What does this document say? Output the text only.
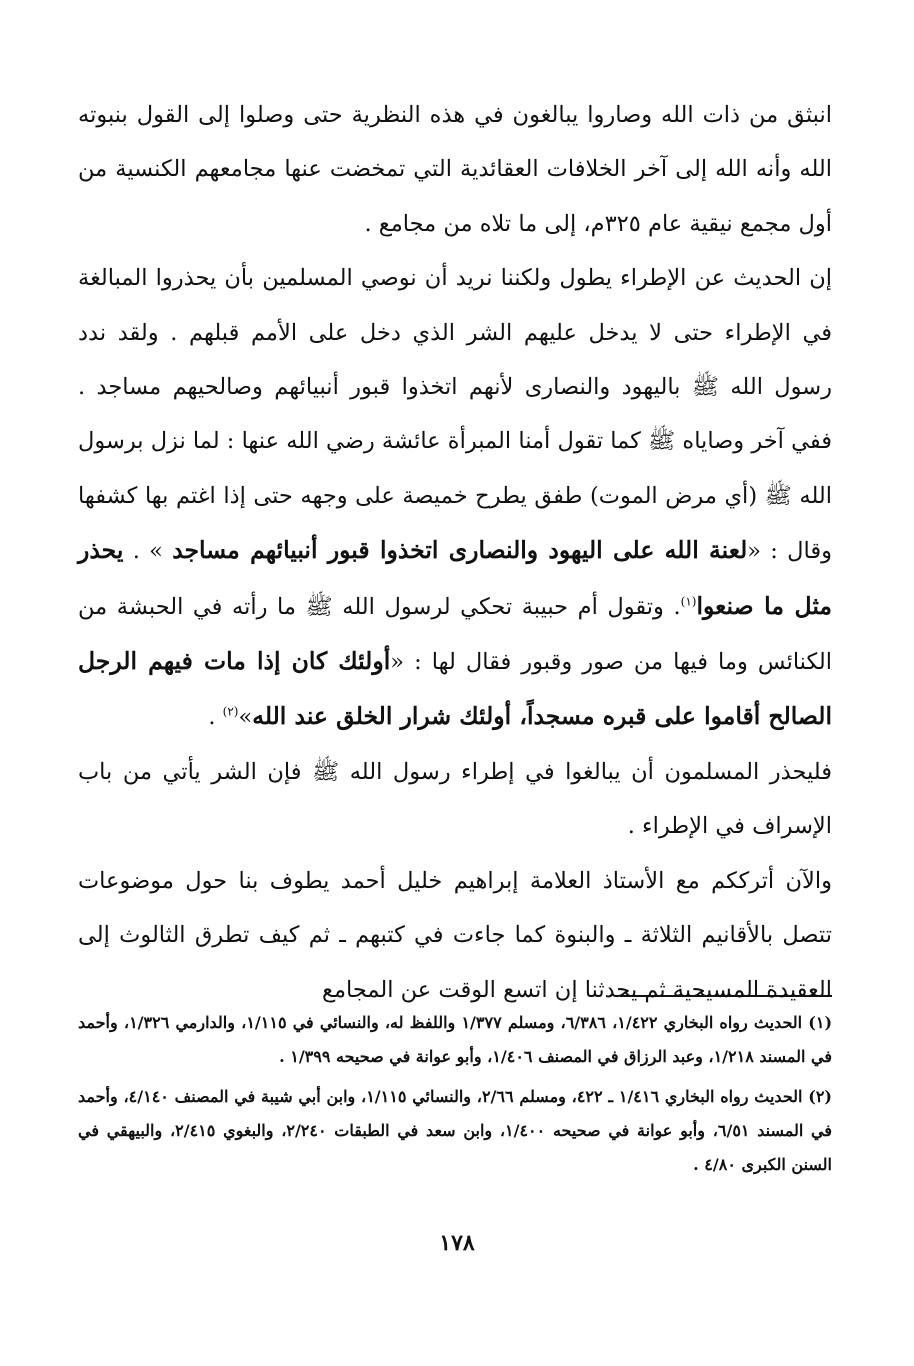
انبثق من ذات الله وصاروا يبالغون في هذه النظرية حتى وصلوا إلى القول بنبوته الله وأنه الله إلى آخر الخلافات العقائدية التي تمخضت عنها مجامعهم الكنسية من أول مجمع نيقية عام ٣٢٥م، إلى ما تلاه من مجامع .

إن الحديث عن الإطراء يطول ولكننا نريد أن نوصي المسلمين بأن يحذروا المبالغة في الإطراء حتى لا يدخل عليهم الشر الذي دخل على الأمم قبلهم . ولقد ندد رسول الله ﷺ باليهود والنصارى لأنهم اتخذوا قبور أنبيائهم وصالحيهم مساجد . ففي آخر وصاياه ﷺ كما تقول أمنا المبرأة عائشة رضي الله عنها : لما نزل برسول الله ﷺ (أي مرض الموت) طفق يطرح خميصة على وجهه حتى إذا اغتم بها كشفها وقال : «لعنة الله على اليهود والنصارى اتخذوا قبور أنبيائهم مساجد » . يحذر مثل ما صنعوا$^{(١)}$. وتقول أم حبيبة تحكي لرسول الله ﷺ ما رأته في الحبشة من الكنائس وما فيها من صور وقبور فقال لها : «أولئك كان إذا مات فيهم الرجل الصالح أقاموا على قبره مسجداً، أولئك شرار الخلق عند الله»$^{(٢)}$ .

فليحذر المسلمون أن يبالغوا في إطراء رسول الله ﷺ فإن الشر يأتي من باب الإسراف في الإطراء .

والآن أترككم مع الأستاذ العلامة إبراهيم خليل أحمد يطوف بنا حول موضوعات تتصل بالأقانيم الثلاثة ـ والبنوة كما جاءت في كتبهم ـ ثم كيف تطرق الثالوث إلى العقيدة المسيحية ثم يحدثنا إن اتسع الوقت عن المجامع

(١) الحديث رواه البخاري ١/٤٢٢، ٦/٣٨٦، ومسلم ١/٣٧٧ واللفظ له، والنسائي في ١/١١٥، والدارمي ١/٣٢٦، وأحمد في المسند ١/٢١٨، وعبد الرزاق في المصنف ١/٤٠٦، وأبو عوانة في صحيحه ١/٣٩٩ .

(٢) الحديث رواه البخاري ١/٤١٦ ـ ٤٢٢، ومسلم ٢/٦٦، والنسائي ١/١١٥، وابن أبي شيبة في المصنف ٤/١٤٠، وأحمد في المسند ٦/٥١، وأبو عوانة في صحيحه ١/٤٠٠، وابن سعد في الطبقات ٢/٢٤٠، والبغوي ٢/٤١٥، والبيهقي في السنن الكبرى ٤/٨٠ .

١٧٨
